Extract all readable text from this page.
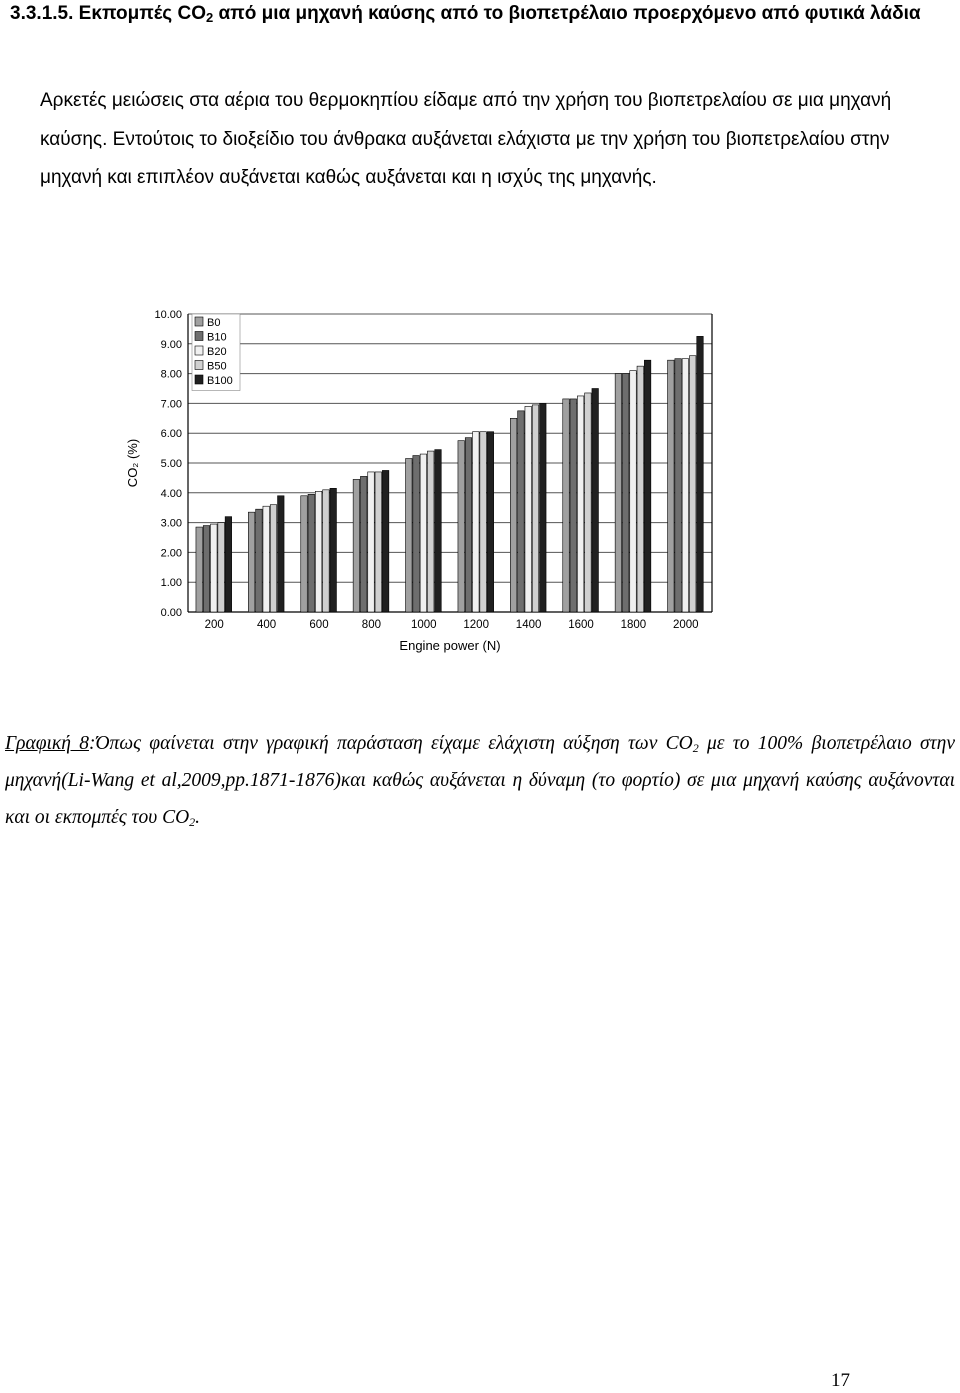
3.3.1.5. Εκπομπές $CO_2$ από μια μηχανή καύσης από το βιοπετρέλαιο προερχόμενο από φυτικά λάδια
Αρκετές μειώσεις στα αέρια του θερμοκηπίου είδαμε από την χρήση του βιοπετρελαίου σε μια μηχανή καύσης. Εντούτοις το διοξείδιο του άνθρακα αυξάνεται ελάχιστα με την χρήση του βιοπετρελαίου στην μηχανή και επιπλέον αυξάνεται καθώς αυξάνεται και η ισχύς της μηχανής.
0.00
1.00
2.00
3.00
4.00
5.00
6.00
7.00
8.00
9.00
10.00
200	400	600	800	1000 1200 1400 1600 1800 2000
B0
B10
B20
B50
B100
Engine power (N)
CO₂ (%)
Γραφική 8:Όπως φαίνεται στην γραφική παράσταση είχαμε ελάχιστη αύξηση των $CO_2$ με το 100% βιοπετρέλαιο στην μηχανή(Li-Wang et al,2009,pp.1871-1876)και καθώς αυξάνεται η δύναμη (το φορτίο) σε μια μηχανή καύσης αυξάνονται και οι εκπομπές του $CO_2$.
17
